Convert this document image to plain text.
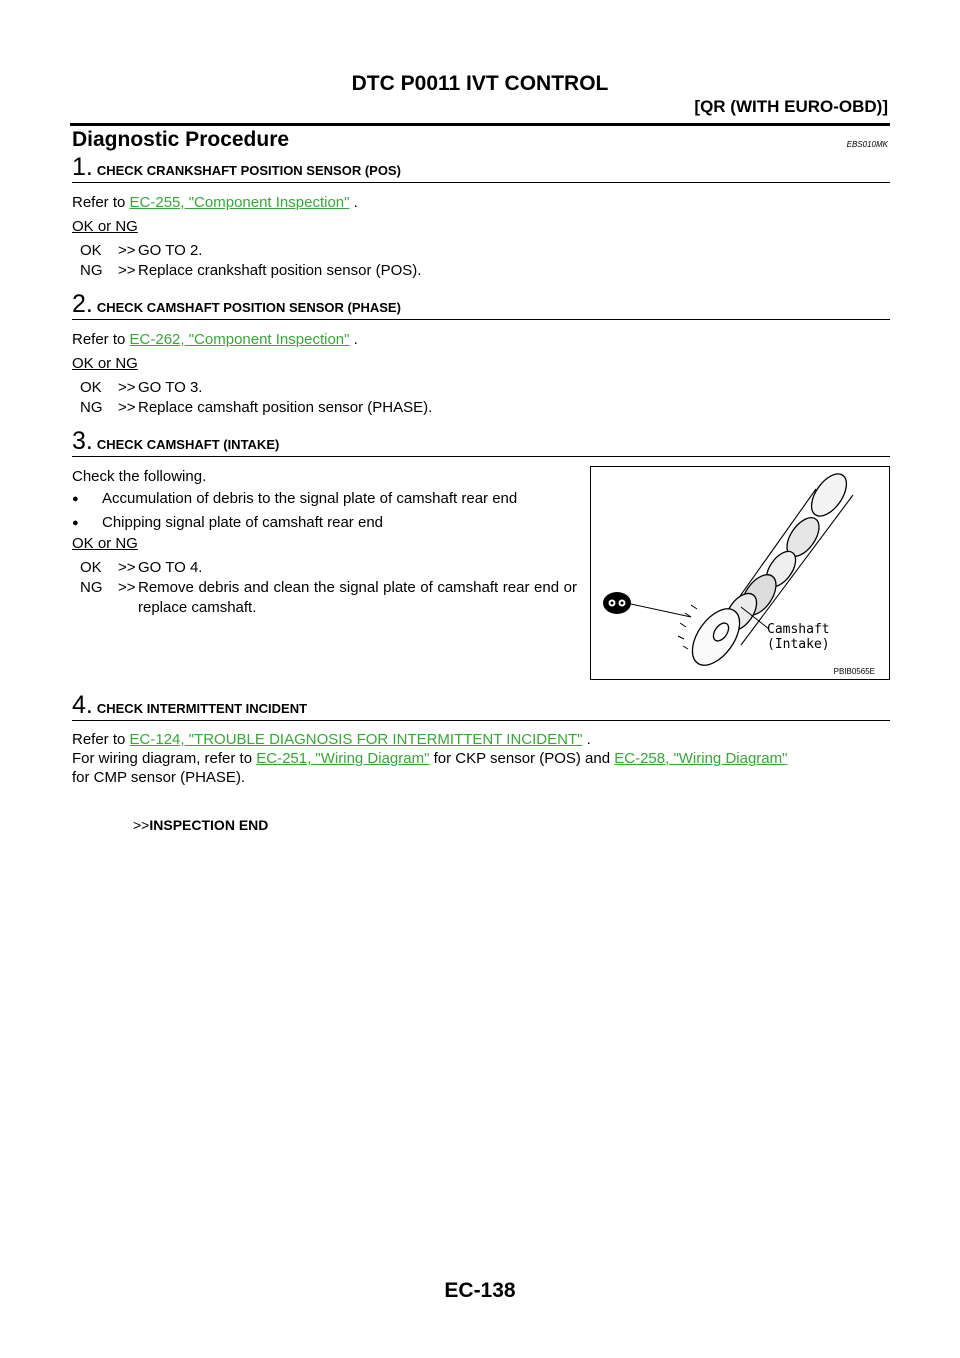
DTC P0011 IVT CONTROL
[QR (WITH EURO-OBD)]
Diagnostic Procedure	EBS010MK
1. CHECK CRANKSHAFT POSITION SENSOR (POS)
Refer to EC-255, "Component Inspection" .
OK or NG
OK	>> GO TO 2.
NG	>> Replace crankshaft position sensor (POS).
2. CHECK CAMSHAFT POSITION SENSOR (PHASE)
Refer to EC-262, "Component Inspection" .
OK or NG
OK	>> GO TO 3.
NG	>> Replace camshaft position sensor (PHASE).
3. CHECK CAMSHAFT (INTAKE)
Check the following.
●	Accumulation of debris to the signal plate of camshaft rear end
●	Chipping signal plate of camshaft rear end
OK or NG
OK	>> GO TO 4.
NG	>> Remove debris and clean the signal plate of camshaft rear end or replace camshaft.
Camshaft (Intake)
PBIB0565E
4. CHECK INTERMITTENT INCIDENT
Refer to EC-124, "TROUBLE DIAGNOSIS FOR INTERMITTENT INCIDENT" .
For wiring diagram, refer to EC-251, "Wiring Diagram" for CKP sensor (POS) and EC-258, "Wiring Diagram"
for CMP sensor (PHASE).
>>INSPECTION END
EC-138
